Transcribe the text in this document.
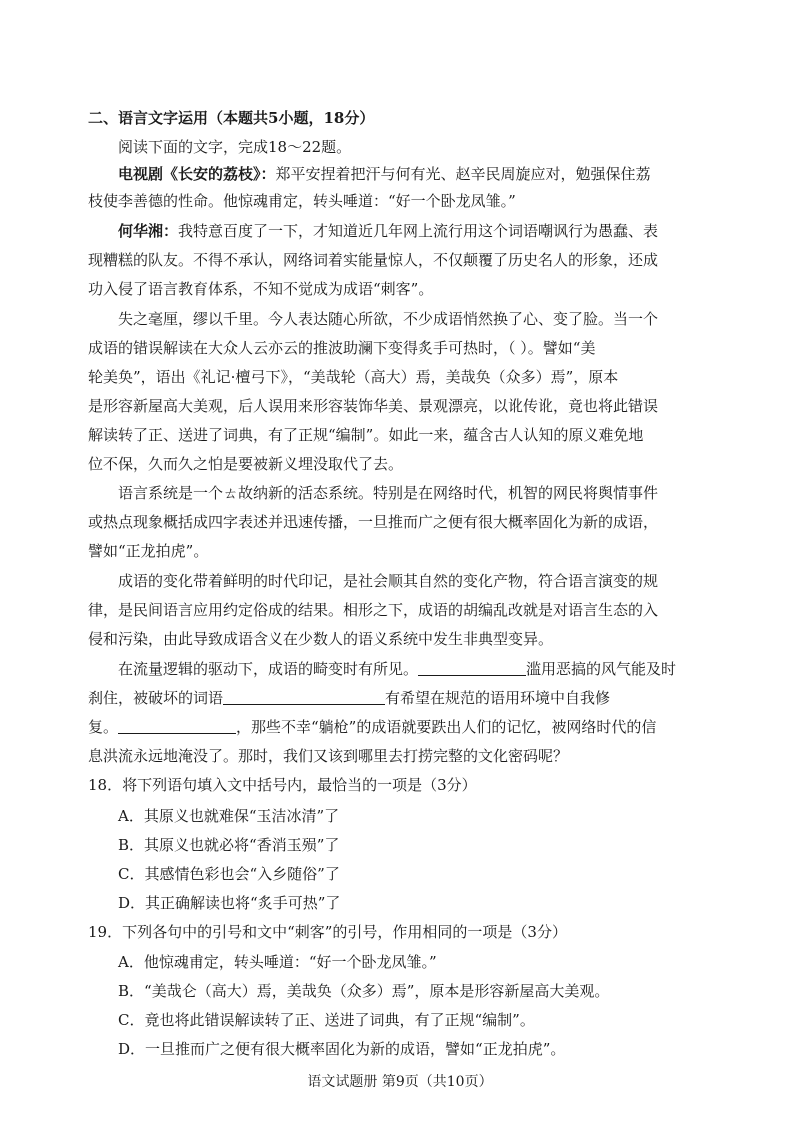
二、语言文字运用（本题共5小题，18分）
阅读下面的文字，完成18～22题。
电视剧《长安的荔枝》：郑平安捏着把汗与何有光、赵辛民周旋应对，勉强保住荔
枝使李善德的性命。他惊魂甫定，转头唾道：“好一个卧龙凤雏。”
何华湘：我特意百度了一下，才知道近几年网上流行用这个词语嘲讽行为愚蠢、表
现糟糕的队友。不得不承认，网络词着实能量惊人，不仅颠覆了历史名人的形象，还成
功入侵了语言教育体系，不知不觉成为成语“刺客”。
失之毫厘，缪以千里。今人表达随心所欲，不少成语悄然换了心、变了脸。当一个
成语的错误解读在大众人云亦云的推波助澜下变得炙手可热时，（ ）。譬如“美
轮美奂”，语出《礼记·檀弓下》，“美哉轮（高大）焉，美哉奂（众多）焉”，原本
是形容新屋高大美观，后人误用来形容装饰华美、景观漂亮，以讹传讹，竟也将此错误
解读转了正、送进了词典，有了正规“编制”。如此一来，蕴含古人认知的原义难免地
位不保，久而久之怕是要被新义埋没取代了去。
语言系统是一个ㄊ故纳新的活态系统。特别是在网络时代，机智的网民将舆情事件
或热点现象概括成四字表述并迅速传播，一旦推而广之便有很大概率固化为新的成语，
譬如“正龙拍虎”。
成语的变化带着鲜明的时代印记，是社会顺其自然的变化产物，符合语言演变的规
律，是民间语言应用约定俗成的结果。相形之下，成语的胡编乱改就是对语言生态的入
侵和污染，由此导致成语含义在少数人的语义系统中发生非典型变异。
在流量逻辑的驱动下，成语的畸变时有所见。	滥用恶搞的风气能及时
刹住，被破坏的词语	有希望在规范的语用环境中自我修
复。	，那些不幸“躺枪”的成语就要跌出人们的记忆，被网络时代的信
息洪流永远地淹没了。那时，我们又该到哪里去打捞完整的文化密码呢？
18．将下列语句填入文中括号内，最恰当的一项是（3分）
A．其原义也就难保“玉洁冰清”了
B．其原义也就必将“香消玉殒”了
C．其感情色彩也会“入乡随俗”了
D．其正确解读也将“炙手可热”了
19．下列各句中的引号和文中“刺客”的引号，作用相同的一项是（3分）
A．他惊魂甫定，转头唾道：“好一个卧龙凤雏。”
B．“美哉仑（高大）焉，美哉奂（众多）焉”，原本是形容新屋高大美观。
C．竟也将此错误解读转了正、送进了词典，有了正规“编制”。
D．一旦推而广之便有很大概率固化为新的成语，譬如“正龙拍虎”。
语文试题册 第9页（共10页）
